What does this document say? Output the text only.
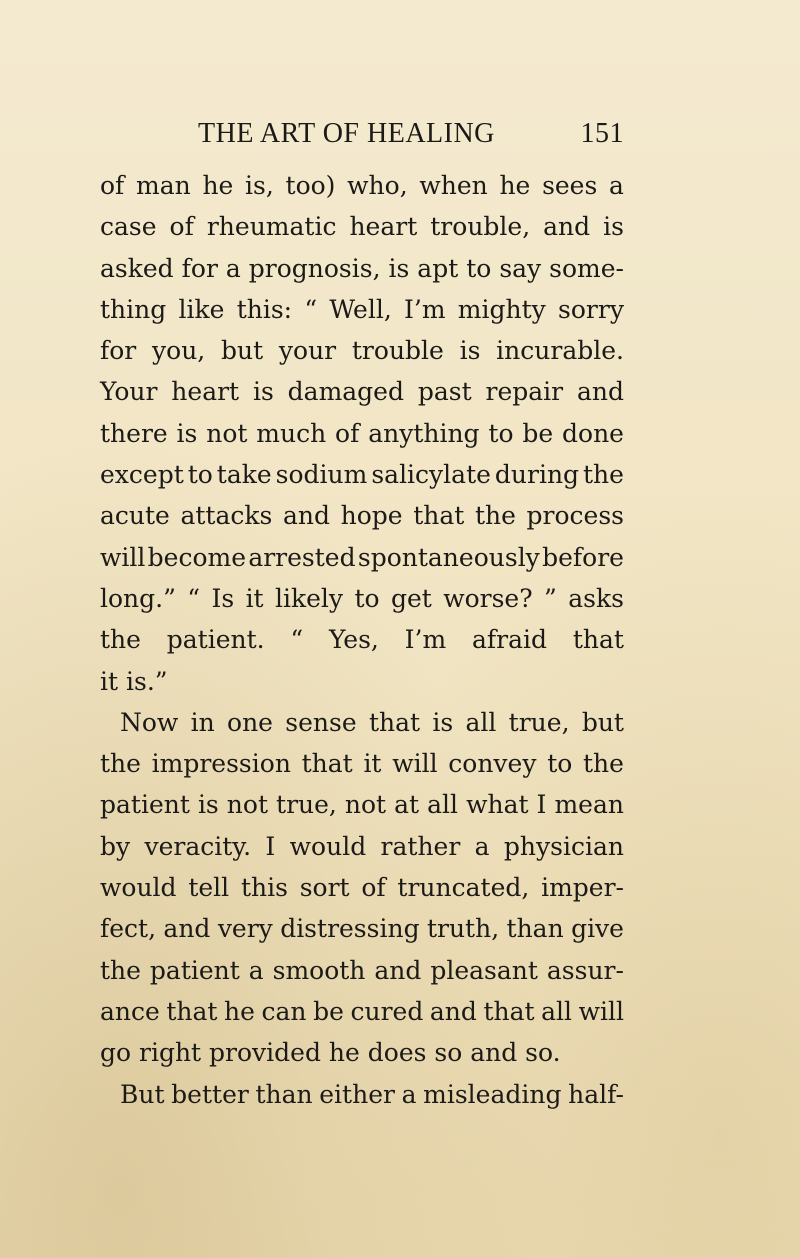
THE ART OF HEALING	151
of man he is, too) who, when he sees a
case of rheumatic heart trouble, and is
asked for a prognosis, is apt to say some-
thing like this: “ Well, I’m mighty sorry
for you, but your trouble is incurable.
Your heart is damaged past repair and
there is not much of anything to be done
except to take sodium salicylate during the
acute attacks and hope that the process
will become arrested spontaneously before
long.” “ Is it likely to get worse? ” asks
the patient. “ Yes, I’m afraid that
it is.”
Now in one sense that is all true, but
the impression that it will convey to the
patient is not true, not at all what I mean
by veracity. I would rather a physician
would tell this sort of truncated, imper-
fect, and very distressing truth, than give
the patient a smooth and pleasant assur-
ance that he can be cured and that all will
go right provided he does so and so.
But better than either a misleading half-
